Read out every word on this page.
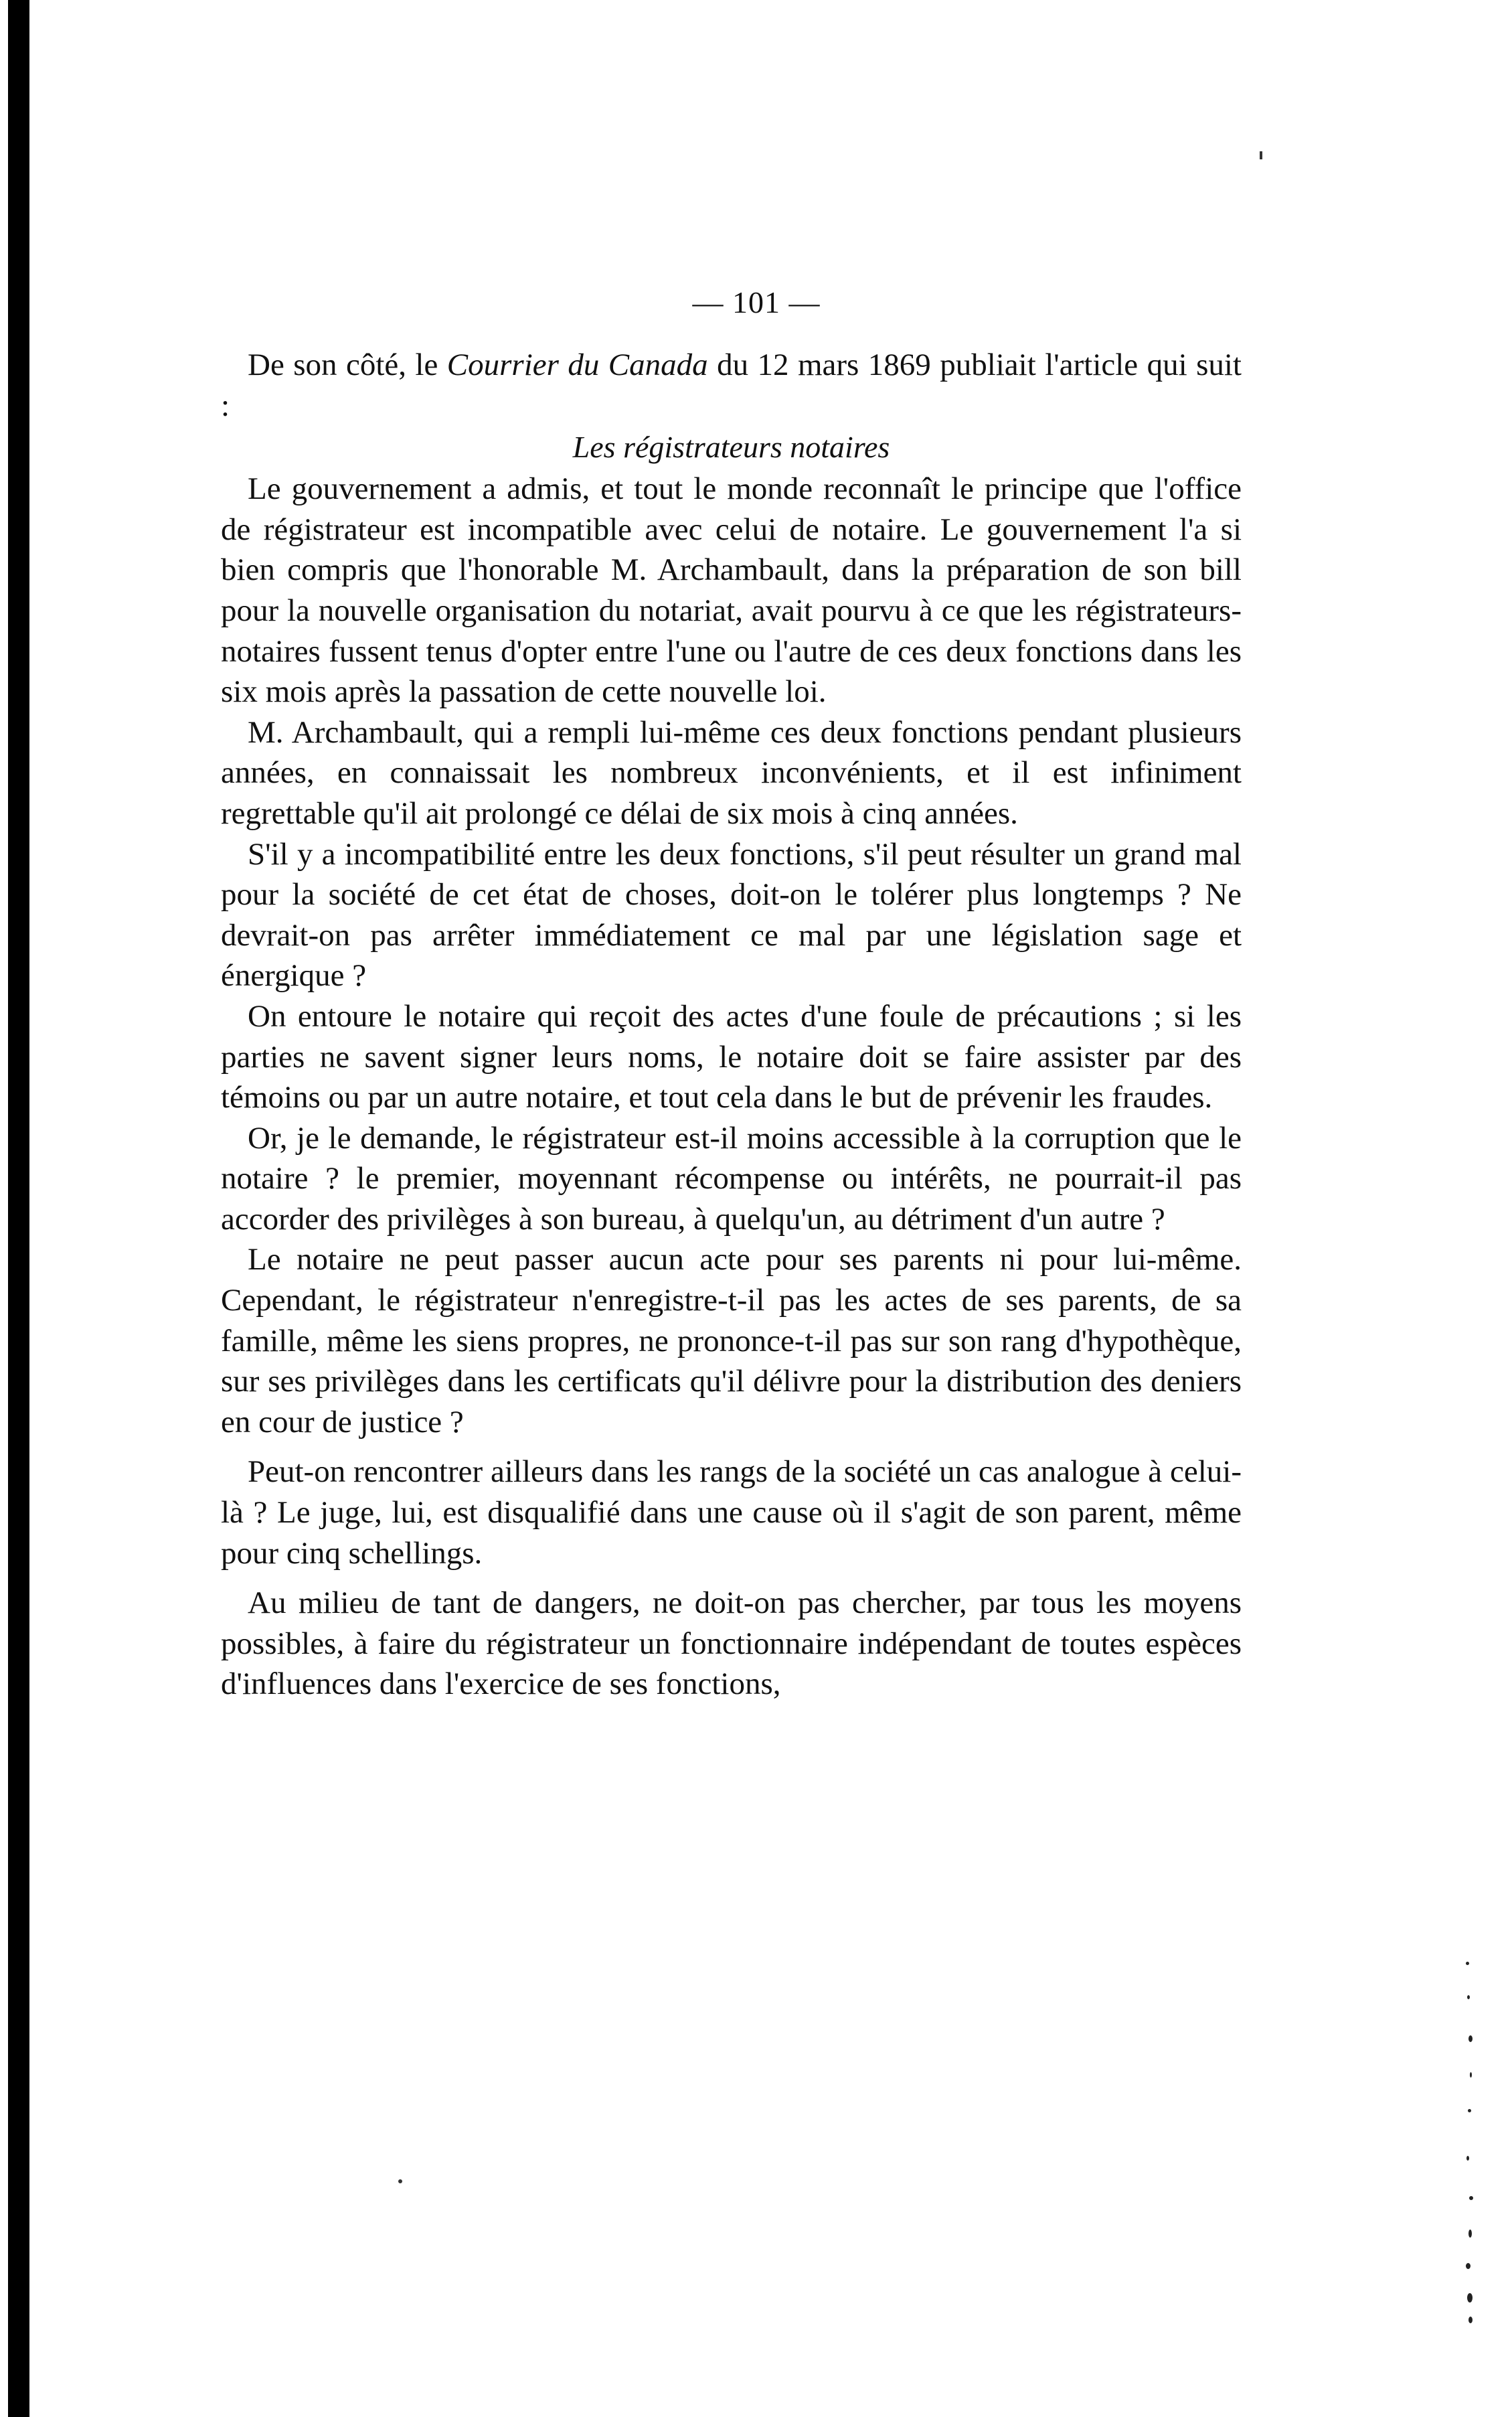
— 101 —

De son côté, le Courrier du Canada du 12 mars 1869 publiait l'article qui suit :

Les régistrateurs notaires

Le gouvernement a admis, et tout le monde reconnaît le principe que l'office de régistrateur est incompatible avec celui de notaire. Le gouvernement l'a si bien compris que l'honorable M. Archambault, dans la préparation de son bill pour la nouvelle organisation du notariat, avait pourvu à ce que les régistrateurs-notaires fussent tenus d'opter entre l'une ou l'autre de ces deux fonctions dans les six mois après la passation de cette nouvelle loi.

M. Archambault, qui a rempli lui-même ces deux fonctions pendant plusieurs années, en connaissait les nombreux inconvénients, et il est infiniment regrettable qu'il ait prolongé ce délai de six mois à cinq années.

S'il y a incompatibilité entre les deux fonctions, s'il peut résulter un grand mal pour la société de cet état de choses, doit-on le tolérer plus longtemps ? Ne devrait-on pas arrêter immédiatement ce mal par une législation sage et énergique ?

On entoure le notaire qui reçoit des actes d'une foule de précautions ; si les parties ne savent signer leurs noms, le notaire doit se faire assister par des témoins ou par un autre notaire, et tout cela dans le but de prévenir les fraudes.

Or, je le demande, le régistrateur est-il moins accessible à la corruption que le notaire ? le premier, moyennant récompense ou intérêts, ne pourrait-il pas accorder des privilèges à son bureau, à quelqu'un, au détriment d'un autre ?

Le notaire ne peut passer aucun acte pour ses parents ni pour lui-même. Cependant, le régistrateur n'enregistre-t-il pas les actes de ses parents, de sa famille, même les siens propres, ne prononce-t-il pas sur son rang d'hypothèque, sur ses privilèges dans les certificats qu'il délivre pour la distribution des deniers en cour de justice ?

Peut-on rencontrer ailleurs dans les rangs de la société un cas analogue à celui-là ? Le juge, lui, est disqualifié dans une cause où il s'agit de son parent, même pour cinq schellings.

Au milieu de tant de dangers, ne doit-on pas chercher, par tous les moyens possibles, à faire du régistrateur un fonctionnaire indépendant de toutes espèces d'influences dans l'exercice de ses fonctions,
